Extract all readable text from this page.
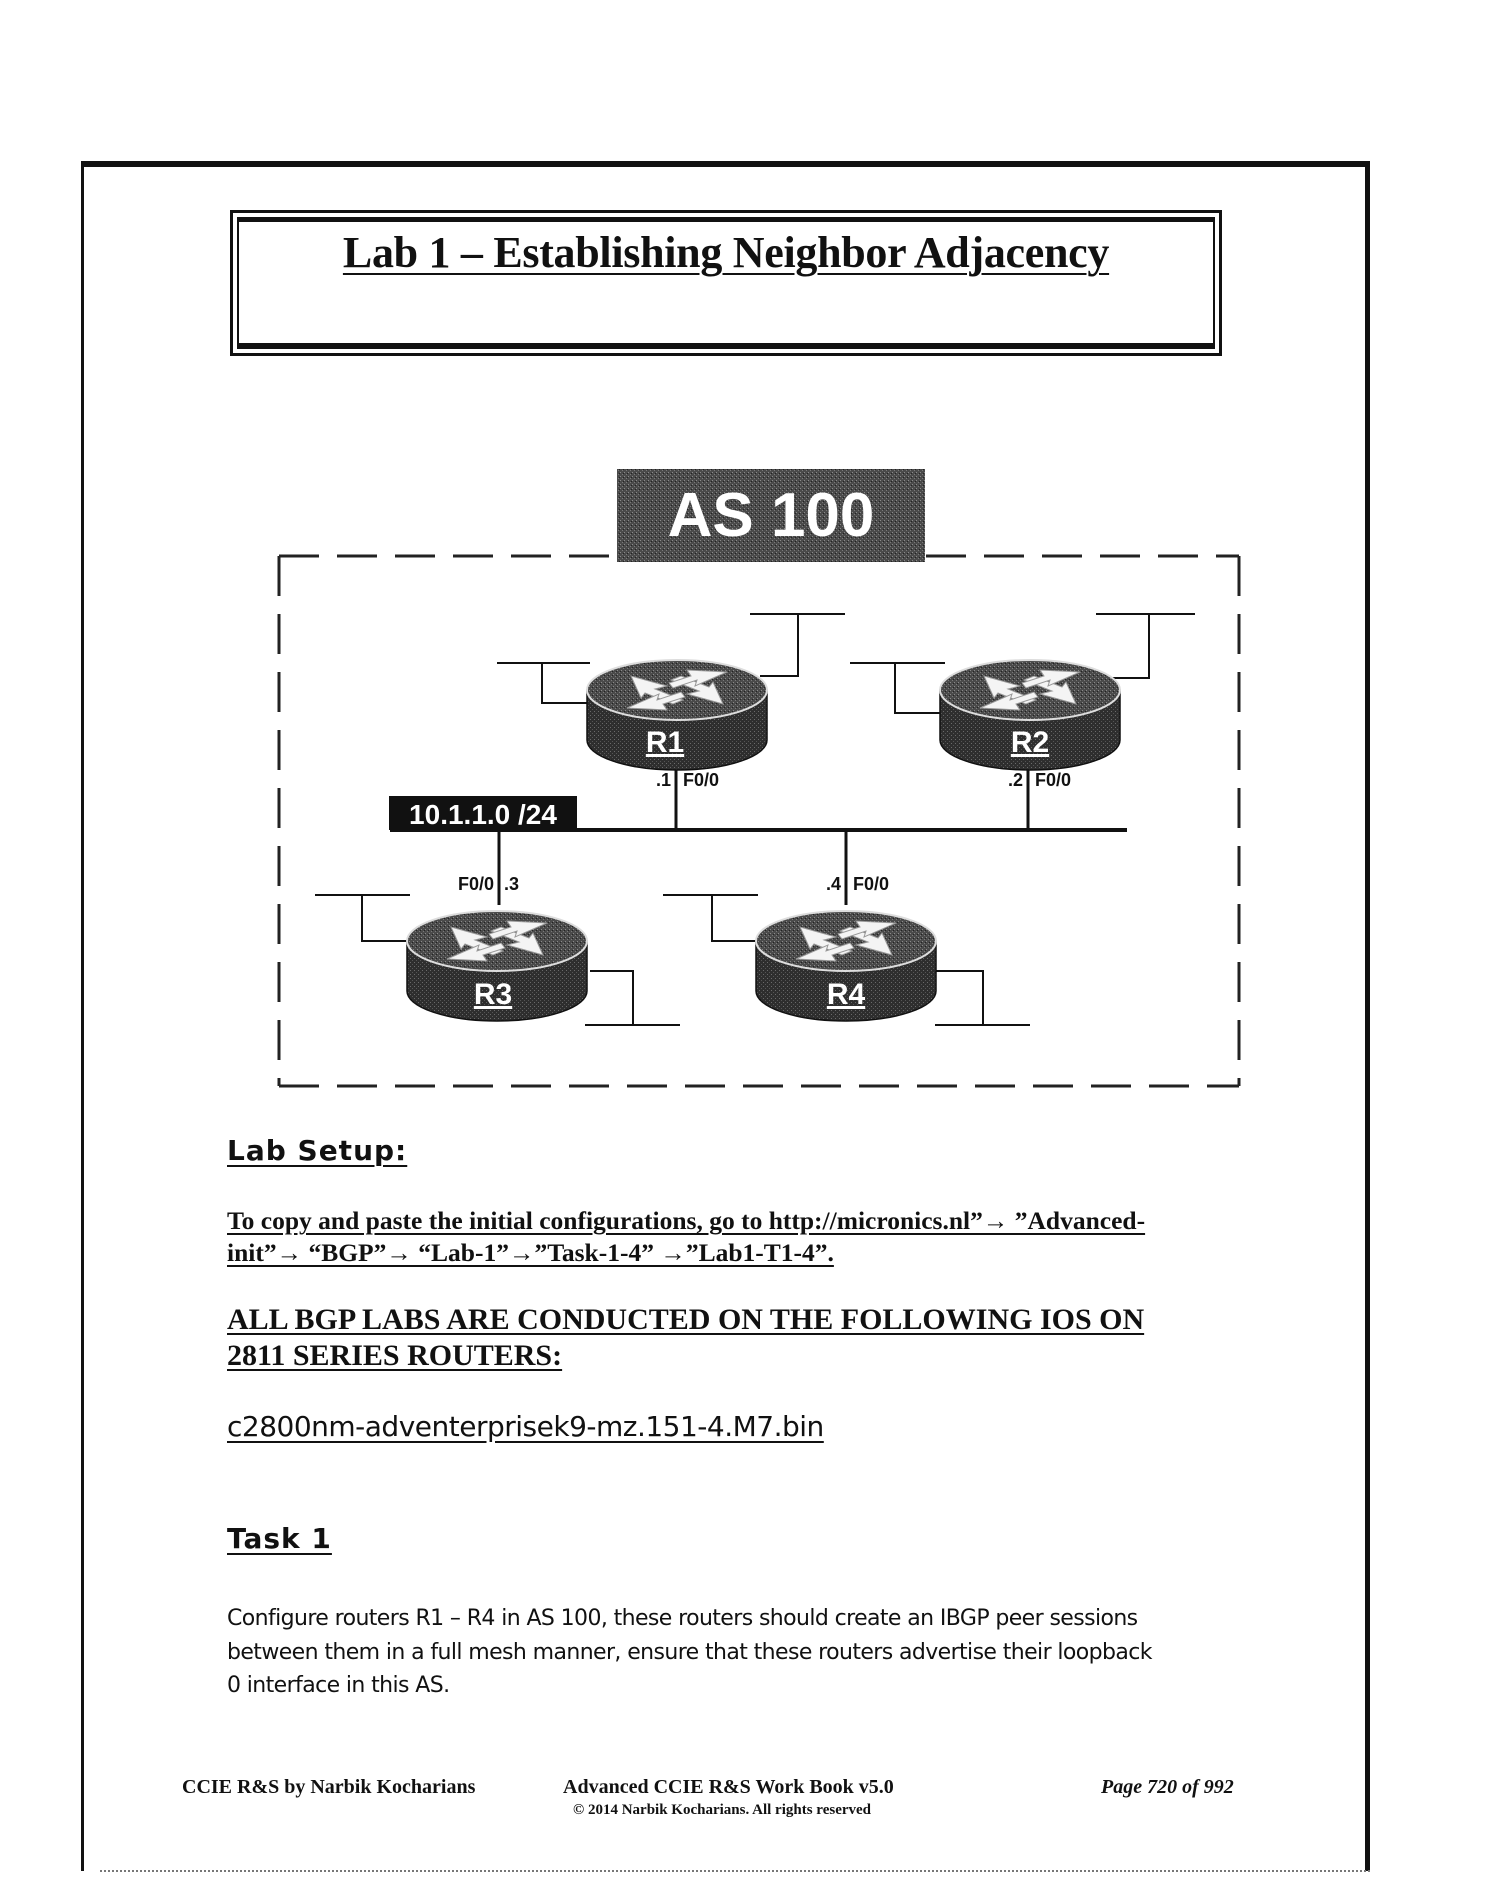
Lab 1 – Establishing Neighbor Adjacency
AS 100
10.1.1.0 /24
R1
.1 F0/0
R2
.2 F0/0
R3
F0/0 .3
R4
.4 F0/0
Lab Setup:

To copy and paste the initial configurations, go to http://micronics.nl”→ ”Advanced-

init”→ “BGP”→ “Lab-1”→”Task-1-4” →”Lab1-T1-4”.

ALL BGP LABS ARE CONDUCTED ON THE FOLLOWING IOS ON

2811 SERIES ROUTERS:

c2800nm-adventerprisek9-mz.151-4.M7.bin

Task 1
Configure routers R1 – R4 in AS 100, these routers should create an IBGP peer sessions
between them in a full mesh manner, ensure that these routers advertise their loopback
0 interface in this AS.
CCIE R&S by Narbik Kocharians	Advanced CCIE R&S Work Book v5.0
© 2014 Narbik Kocharians. All rights reserved
Page 720 of 992
